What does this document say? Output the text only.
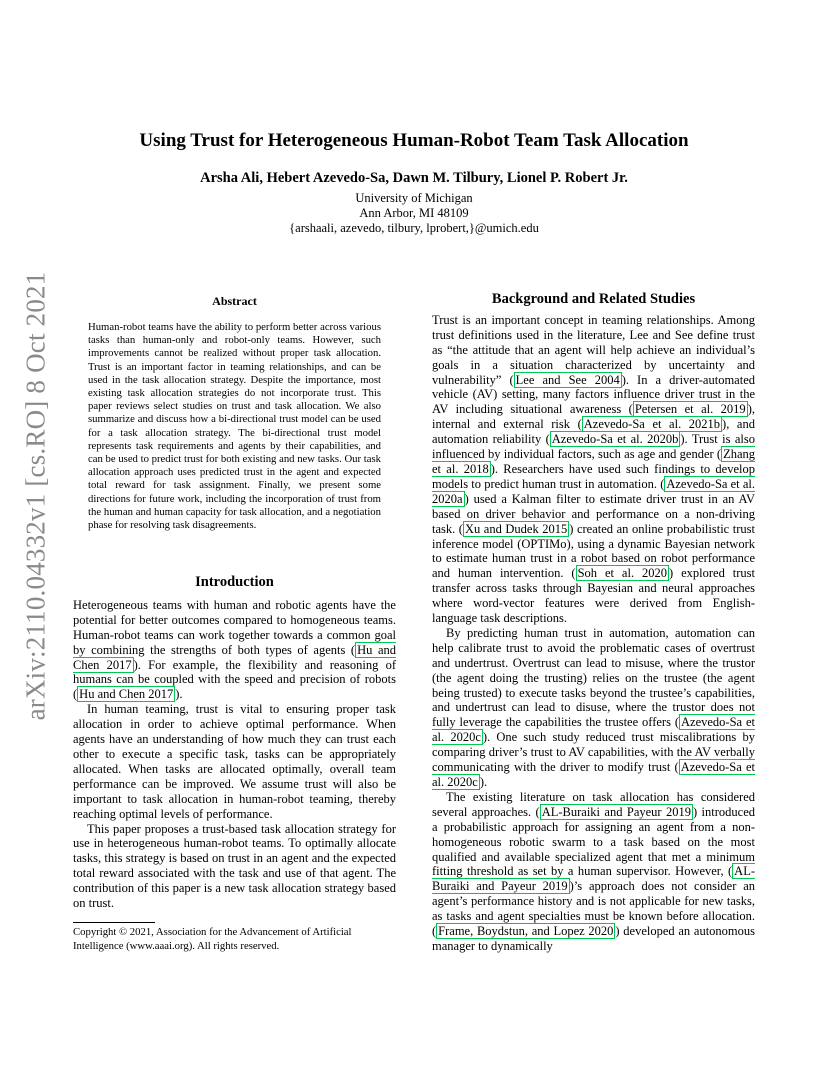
arXiv:2110.04332v1 [cs.RO] 8 Oct 2021
Using Trust for Heterogeneous Human-Robot Team Task Allocation
Arsha Ali, Hebert Azevedo-Sa, Dawn M. Tilbury, Lionel P. Robert Jr.
University of Michigan
Ann Arbor, MI 48109
{arshaali, azevedo, tilbury, lprobert,}@umich.edu
Abstract
Human-robot teams have the ability to perform better across various tasks than human-only and robot-only teams. However, such improvements cannot be realized without proper task allocation. Trust is an important factor in teaming relationships, and can be used in the task allocation strategy. Despite the importance, most existing task allocation strategies do not incorporate trust. This paper reviews select studies on trust and task allocation. We also summarize and discuss how a bi-directional trust model can be used for a task allocation strategy. The bi-directional trust model represents task requirements and agents by their capabilities, and can be used to predict trust for both existing and new tasks. Our task allocation approach uses predicted trust in the agent and expected total reward for task assignment. Finally, we present some directions for future work, including the incorporation of trust from the human and human capacity for task allocation, and a negotiation phase for resolving task disagreements.
Introduction

Heterogeneous teams with human and robotic agents have the potential for better outcomes compared to homogeneous teams. Human-robot teams can work together towards a common goal by combining the strengths of both types of agents ( Hu and Chen 2017 ). For example, the flexibility and reasoning of humans can be coupled with the speed and precision of robots ( Hu and Chen 2017 ).

In human teaming, trust is vital to ensuring proper task allocation in order to achieve optimal performance. When agents have an understanding of how much they can trust each other to execute a specific task, tasks can be appropriately allocated. When tasks are allocated optimally, overall team performance can be improved. We assume trust will also be important to task allocation in human-robot teaming, thereby reaching optimal levels of performance.

This paper proposes a trust-based task allocation strategy for use in heterogeneous human-robot teams. To optimally allocate tasks, this strategy is based on trust in an agent and the expected total reward associated with the task and use of that agent. The contribution of this paper is a new task allocation strategy based on trust.

Copyright © 2021, Association for the Advancement of Artificial Intelligence (www.aaai.org). All rights reserved.
Background and Related Studies

Trust is an important concept in teaming relationships. Among trust definitions used in the literature, Lee and See define trust as “the attitude that an agent will help achieve an individual’s goals in a situation characterized by uncertainty and vulnerability” ( Lee and See 2004 ). In a driver-automated vehicle (AV) setting, many factors influence driver trust in the AV including situational awareness ( Petersen et al. 2019 ), internal and external risk ( Azevedo-Sa et al. 2021b ), and automation reliability ( Azevedo-Sa et al. 2020b ). Trust is also influenced by individual factors, such as age and gender ( Zhang et al. 2018 ). Researchers have used such findings to develop models to predict human trust in automation. ( Azevedo-Sa et al. 2020a ) used a Kalman filter to estimate driver trust in an AV based on driver behavior and performance on a non-driving task. ( Xu and Dudek 2015 ) created an online probabilistic trust inference model (OPTIMo), using a dynamic Bayesian network to estimate human trust in a robot based on robot performance and human intervention. ( Soh et al. 2020 ) explored trust transfer across tasks through Bayesian and neural approaches where word-vector features were derived from English-language task descriptions.

By predicting human trust in automation, automation can help calibrate trust to avoid the problematic cases of overtrust and undertrust. Overtrust can lead to misuse, where the trustor (the agent doing the trusting) relies on the trustee (the agent being trusted) to execute tasks beyond the trustee’s capabilities, and undertrust can lead to disuse, where the trustor does not fully leverage the capabilities the trustee offers ( Azevedo-Sa et al. 2020c ). One such study reduced trust miscalibrations by comparing driver’s trust to AV capabilities, with the AV verbally communicating with the driver to modify trust ( Azevedo-Sa et al. 2020c ).

The existing literature on task allocation has considered several approaches. ( AL-Buraiki and Payeur 2019 ) introduced a probabilistic approach for assigning an agent from a non-homogeneous robotic swarm to a task based on the most qualified and available specialized agent that met a minimum fitting threshold as set by a human supervisor. However, ( AL-Buraiki and Payeur 2019 )’s approach does not consider an agent’s performance history and is not applicable for new tasks, as tasks and agent specialties must be known before allocation. ( Frame, Boydstun, and Lopez 2020 ) developed an autonomous manager to dynamically
